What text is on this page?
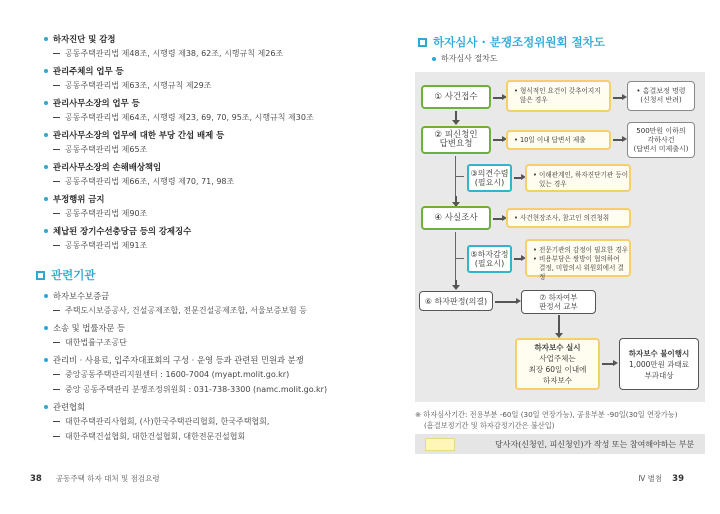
하자진단 및 감정
공동주택관리법 제48조, 시행령 제38, 62조, 시행규칙 제26조
관리주체의 업무 등
공동주택관리법 제63조, 시행규칙 제29조
관리사무소장의 업무 등
공동주택관리법 제64조, 시행령 제23, 69, 70, 95조, 시행규칙 제30조
관리사무소장의 업무에 대한 부당 간섭 배제 등
공동주택관리법 제65조
관리사무소장의 손해배상책임
공동주택관리법 제66조, 시행령 제70, 71, 98조
부정행위 금지
공동주택관리법 제90조
체납된 장기수선충당금 등의 강제징수
공동주택관리법 제91조
관련기관
하자보수보증금
주택도시보증공사, 건설공제조합, 전문건설공제조합, 서울보증보험 등
소송 및 법률자문 등
대한법률구조공단
관리비 · 사용료, 입주자대표회의 구성 · 운영 등과 관련된 민원과 분쟁
중앙공동주택관리지원센터 : 1600-7004 (myapt.molit.go.kr)
중앙 공동주택관리 분쟁조정위원회 : 031-738-3300 (namc.molit.go.kr)
관련협회
대한주택관리사협회, (사)한국주택관리협회, 한국주택협회,
대한주택건설협회, 대한건설협회, 대한전문건설협회
38 공동주택 하자 대처 및 점검요령
하자심사 · 분쟁조정위원회 절차도
하자심사 절차도
①
사건접수
• 형식적인 요건이 갖추어지지
않은 경우
• 흠결보정 명령
(신청서 반려)
② 피신청인
답변요청	• 10일 이내 답변서 제출
500만원 이하의
각하사건
(답변서 미제출시)
③의견수렴
(필요시)
• 이해관계인, 하자진단기관 등이
있는 경우
④
사실조사	• 사건현장조사, 참고인 의견청취
⑤하자감정
(필요시)
• 전문기관의 감정이 필요한 경우
• 비용부담은 쌍방이 협의하여
결정, 미합의시 위원회에서 결정
⑥
하자판정(의결)	⑦ 하자여부
판정서 교부
하자보수 실시
사업주체는
최장 60일 이내에
하자보수
하자보수 불이행시
1,000만원 과태료
부과대상
※ 하자심사기간: 전용부분 -60일 (30일 연장가능), 공용부분 -90일(30일 연장가능)
(흠결보정기간 및 하자감정기간은 불산입)
당사자(신청인, 피신청인)가 작성 또는 참여해야하는 부분
Ⅳ 별첨 39
